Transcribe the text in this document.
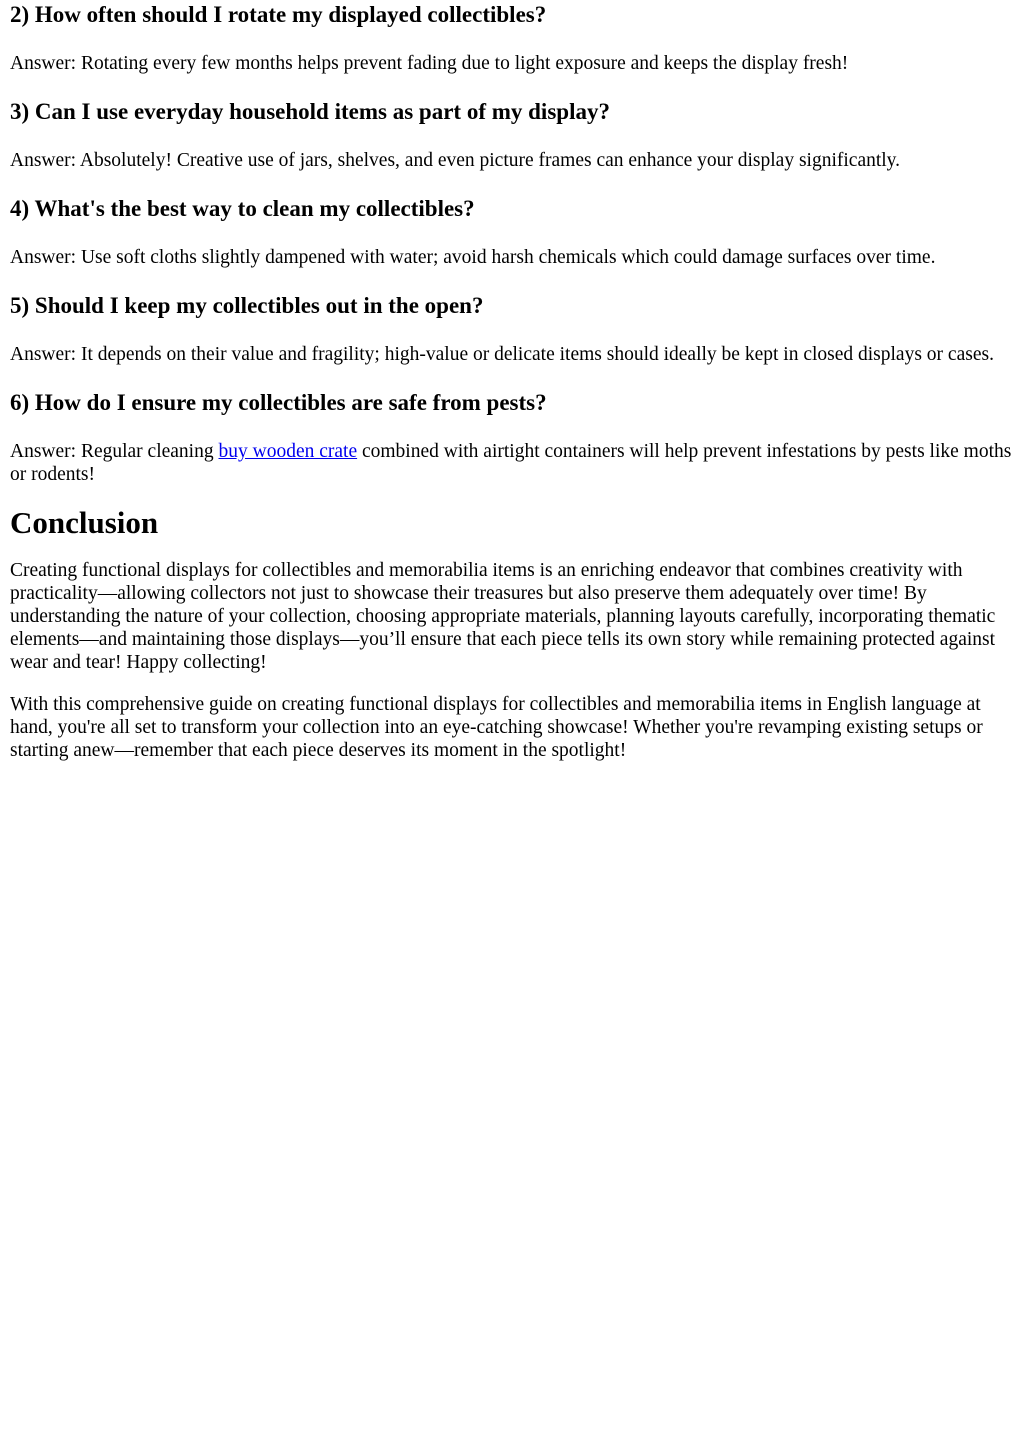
2) How often should I rotate my displayed collectibles?

Answer: Rotating every few months helps prevent fading due to light exposure and keeps the display fresh!

3) Can I use everyday household items as part of my display?

Answer: Absolutely! Creative use of jars, shelves, and even picture frames can enhance your display significantly.

4) What's the best way to clean my collectibles?

Answer: Use soft cloths slightly dampened with water; avoid harsh chemicals which could damage surfaces over time.

5) Should I keep my collectibles out in the open?

Answer: It depends on their value and fragility; high-value or delicate items should ideally be kept in closed displays or cases.

6) How do I ensure my collectibles are safe from pests?

Answer: Regular cleaning buy wooden crate combined with airtight containers will help prevent infestations by pests like moths or rodents!

Conclusion

Creating functional displays for collectibles and memorabilia items is an enriching endeavor that combines creativity with practicality—allowing collectors not just to showcase their treasures but also preserve them adequately over time! By understanding the nature of your collection, choosing appropriate materials, planning layouts carefully, incorporating thematic elements—and maintaining those displays—you’ll ensure that each piece tells its own story while remaining protected against wear and tear! Happy collecting!

With this comprehensive guide on creating functional displays for collectibles and memorabilia items in English language at hand, you're all set to transform your collection into an eye-catching showcase! Whether you're revamping existing setups or starting anew—remember that each piece deserves its moment in the spotlight!
